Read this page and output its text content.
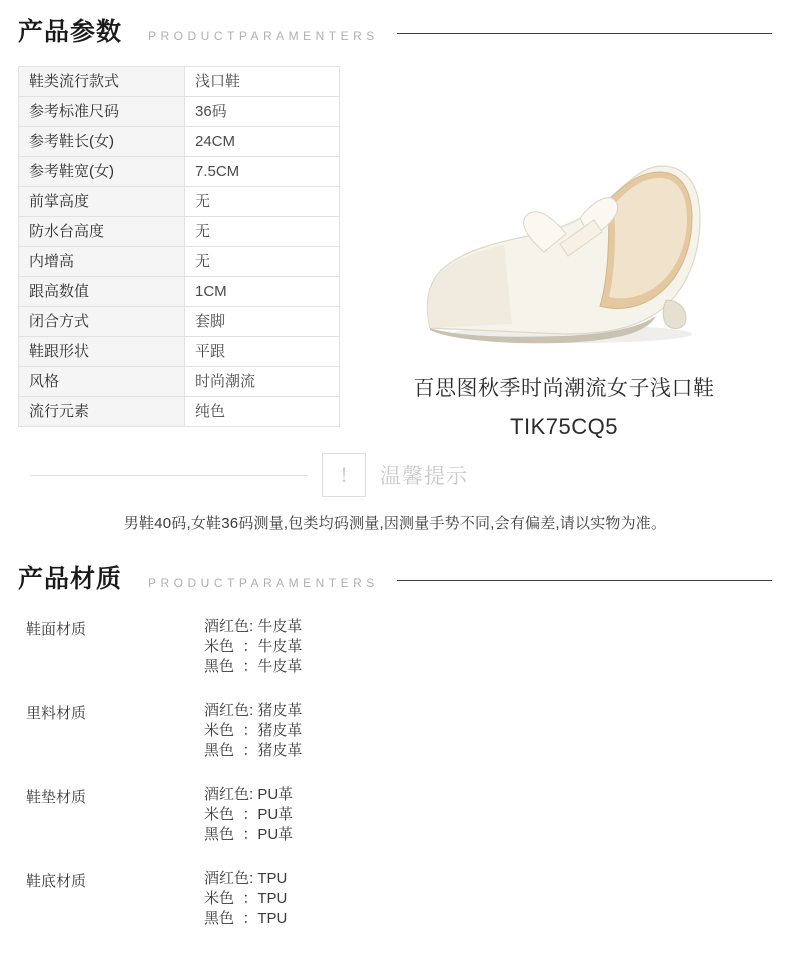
产品参数 PRODUCTPARAMENTERS
鞋类流行款式	浅口鞋
参考标准尺码	36码
参考鞋长(女)	24CM
参考鞋宽(女)	7.5CM
前掌高度	无
防水台高度	无
内增高	无
跟高数值	1CM
闭合方式	套脚
鞋跟形状	平跟
风格	时尚潮流
流行元素	纯色
百思图秋季时尚潮流女子浅口鞋
TIK75CQ5
!	温馨提示
男鞋40码,女鞋36码测量,包类均码测量,因测量手势不同,会有偏差,请以实物为准。
产品材质 PRODUCTPARAMENTERS
鞋面材质	酒红色: 牛皮革
米色  ：牛皮革
黑色  ：牛皮革
里料材质	酒红色: 猪皮革
米色  ：猪皮革
黑色  ：猪皮革
鞋垫材质	酒红色: PU革
米色  ：PU革
黑色  ：PU革
鞋底材质	酒红色: TPU
米色  ：TPU
黑色  ：TPU
